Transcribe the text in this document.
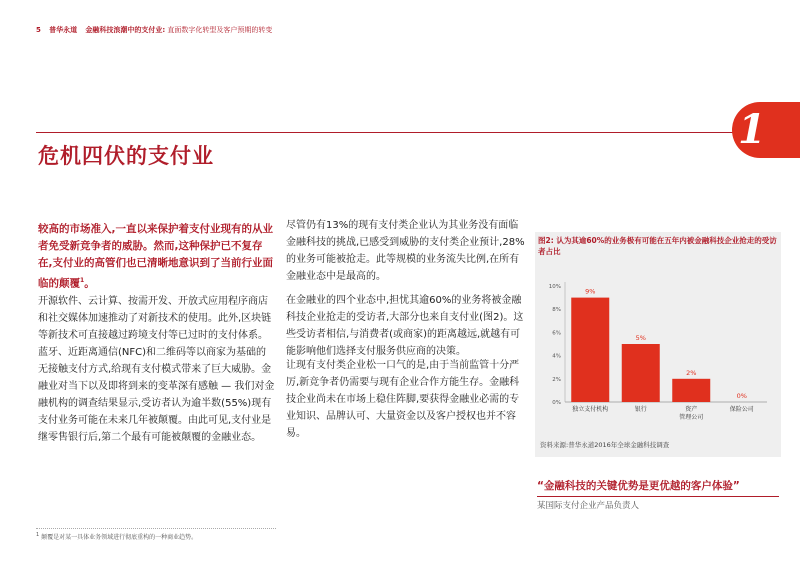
5 普华永道 金融科技浪潮中的支付业: 直面数字化转型及客户预期的转变
1
危机四伏的支付业
较高的市场准入,一直以来保护着支付业现有的从业者免受新竞争者的威胁。然而,这种保护已不复存在,支付业的高管们也已清晰地意识到了当前行业面临的颠覆$^1$。
开源软件、云计算、按需开发、开放式应用程序商店和社交媒体加速推动了对新技术的使用。此外,区块链等新技术可直接越过跨境支付等已过时的支付体系。蓝牙、近距离通信(NFC)和二维码等以商家为基础的无接触支付方式,给现有支付模式带来了巨大威胁。金融业对当下以及即将到来的变革深有感触 — 我们对金融机构的调查结果显示,受访者认为逾半数(55%)现有支付业务可能在未来几年被颠覆。由此可见,支付业是继零售银行后,第二个最有可能被颠覆的金融业态。
尽管仍有13%的现有支付类企业认为其业务没有面临金融科技的挑战,已感受到威胁的支付类企业预计,28%的业务可能被抢走。此等规模的业务流失比例,在所有金融业态中是最高的。
在金融业的四个业态中,担忧其逾60%的业务将被金融科技企业抢走的受访者,大部分也来自支付业(图2)。这些受访者相信,与消费者(或商家)的距离越远,就越有可能影响他们选择支付服务供应商的决策。
让现有支付类企业松一口气的是,由于当前监管十分严厉,新竞争者仍需要与现有企业合作方能生存。金融科技企业尚未在市场上稳住阵脚,要获得金融业必需的专业知识、品牌认可、大量资金以及客户授权也并不容易。
$^1$ 颠覆是对某一具体业务领域进行彻底重构的一种商业趋势。
图2: 认为其逾60%的业务极有可能在五年内被金融科技企业抢走的受访者占比
0%
2%
4%
6%
8%
10%
9%
独立支付机构
5%
银行
2%
资产
管理公司
0%
保险公司
资料来源:普华永道2016年全球金融科技调查
“金融科技的关键优势是更优越的客户体验”
某国际支付企业产品负责人
